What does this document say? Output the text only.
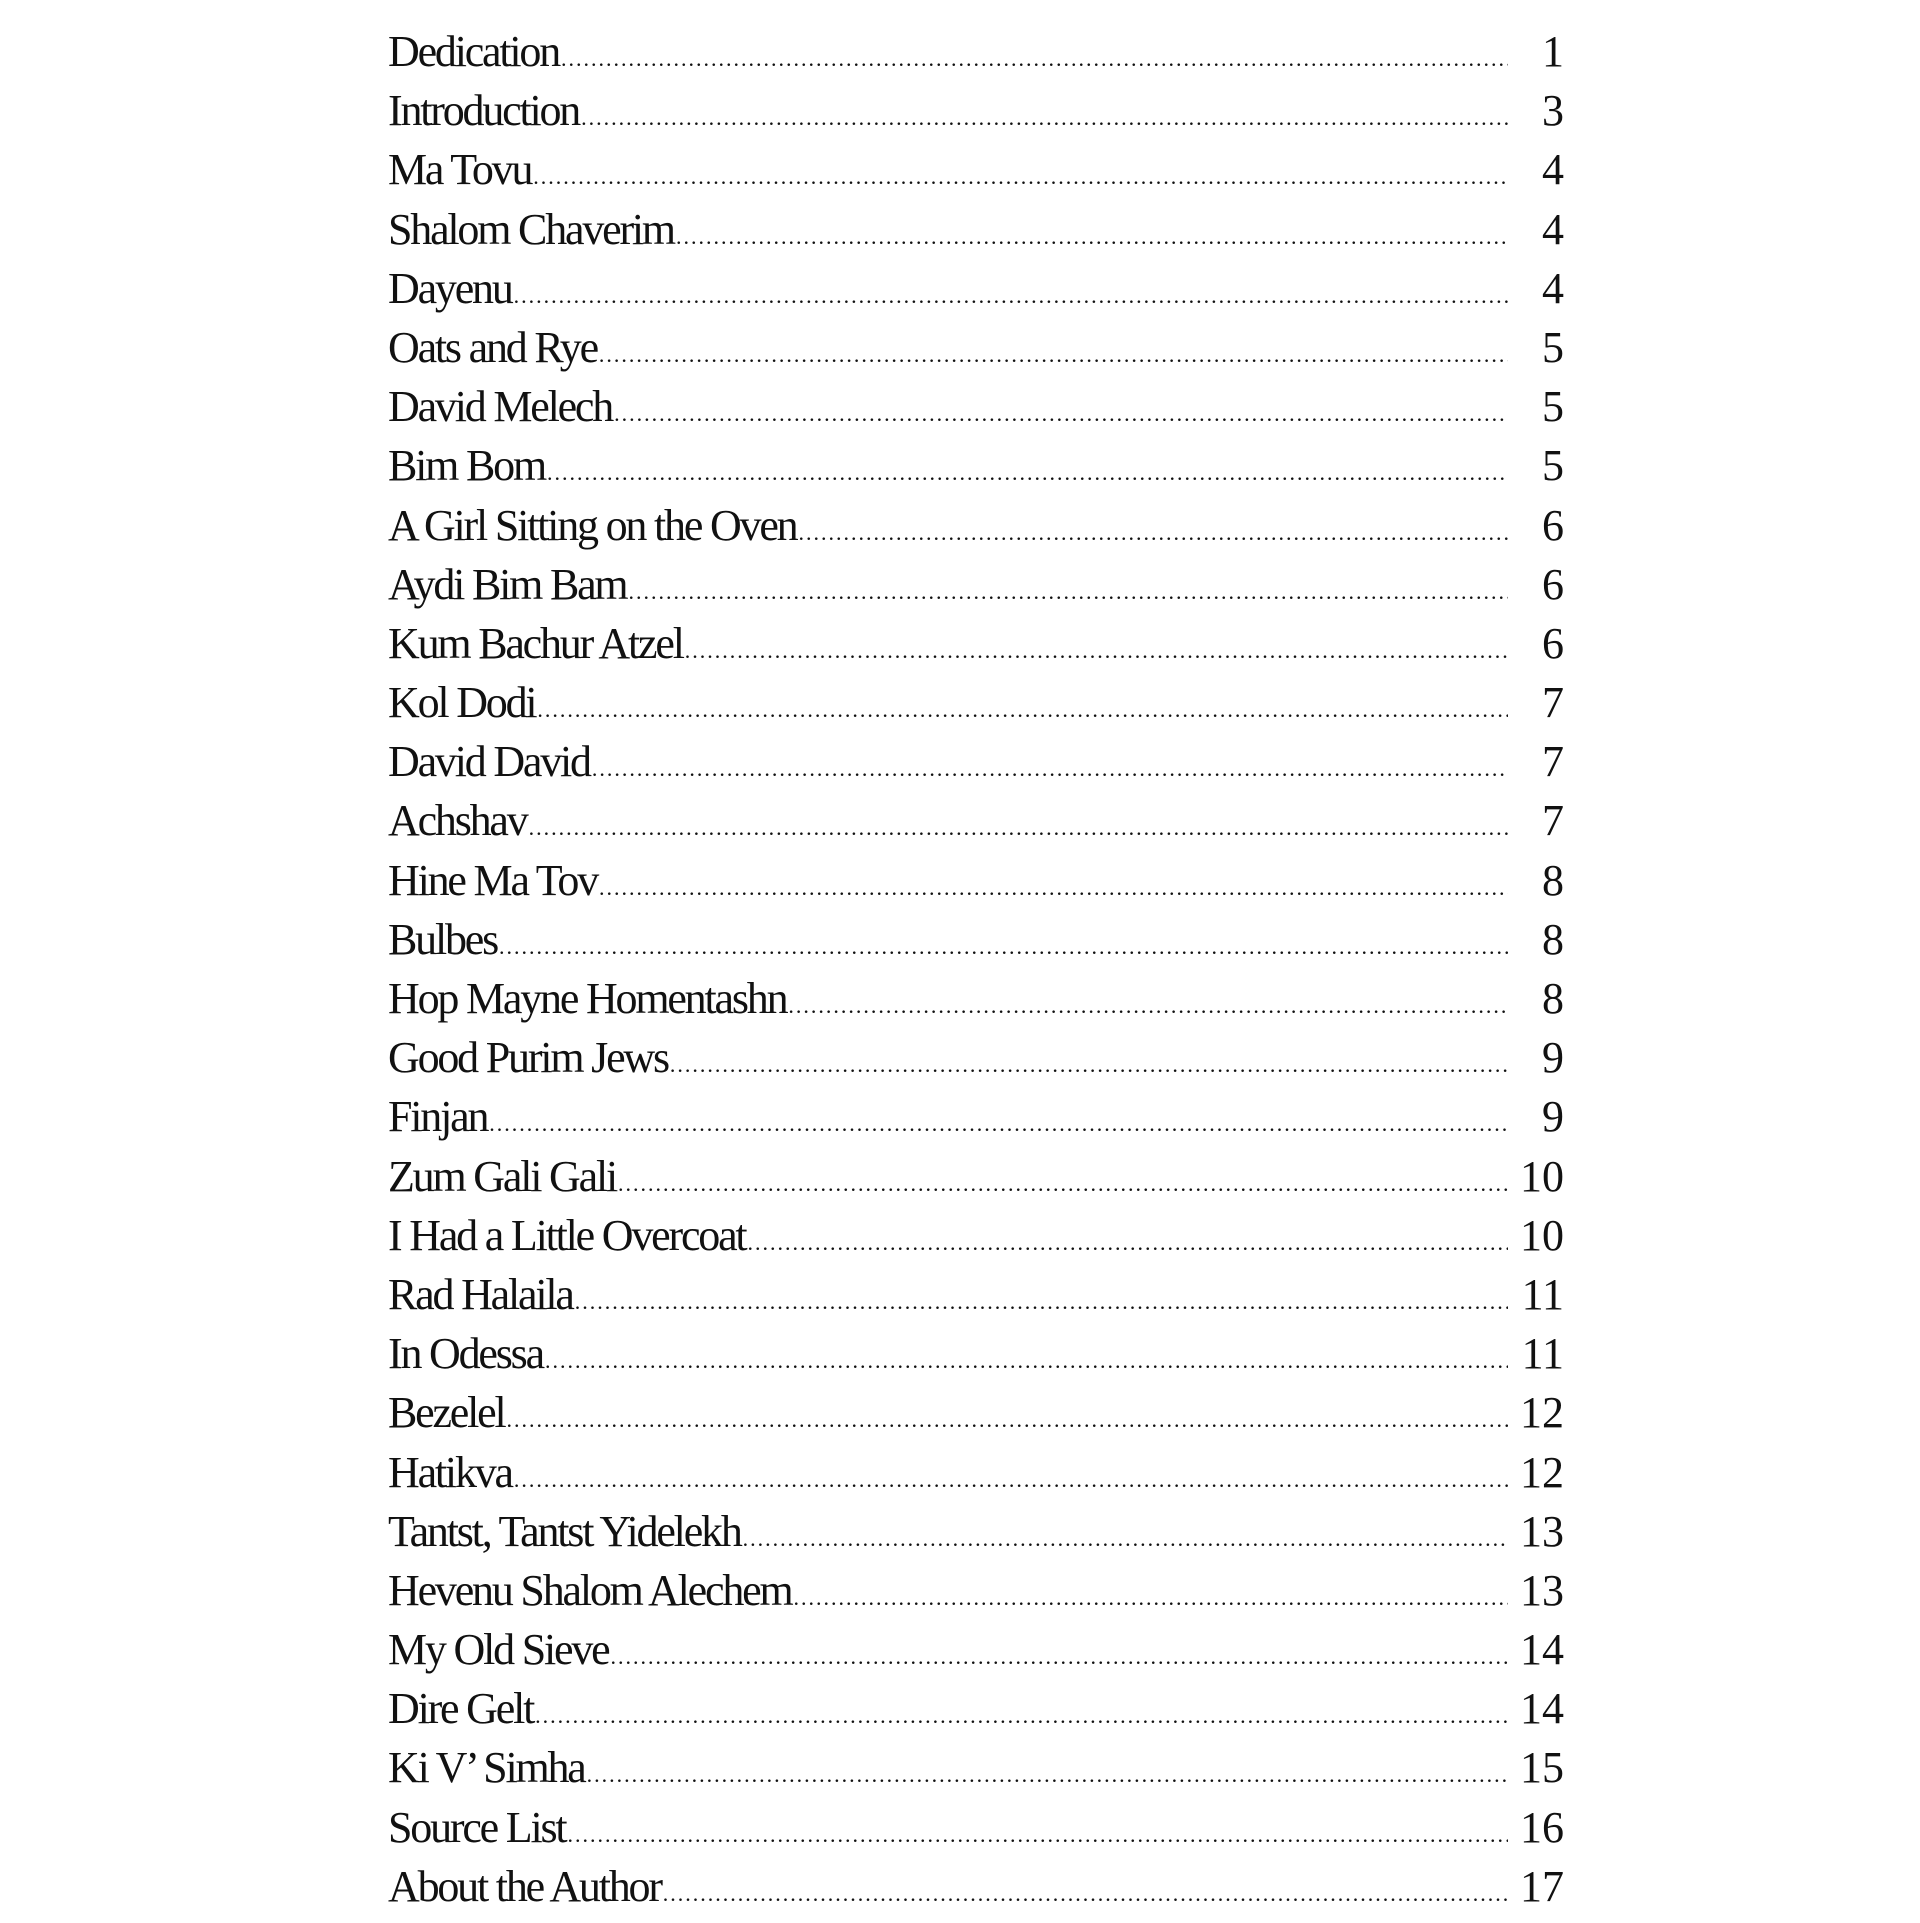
Dedication .....	1
Introduction .....	3
Ma Tovu .....	4
Shalom Chaverim .....	4
Dayenu .....	4
Oats and Rye .....	5
David Melech .....	5
Bim Bom .....	5
A Girl Sitting on the Oven .....	6
Aydi Bim Bam .....	6
Kum Bachur Atzel .....	6
Kol Dodi .....	7
David David .....	7
Achshav .....	7
Hine Ma Tov .....	8
Bulbes .....	8
Hop Mayne Homentashn .....	8
Good Purim Jews .....	9
Finjan .....	9
Zum Gali Gali .....	10
I Had a Little Overcoat .....	10
Rad Halaila .....	11
In Odessa .....	11
Bezelel .....	12
Hatikva .....	12
Tantst, Tantst Yidelekh .....	13
Hevenu Shalom Alechem .....	13
My Old Sieve .....	14
Dire Gelt .....	14
Ki V’ Simha .....	15
Source List .....	16
About the Author .....	17
